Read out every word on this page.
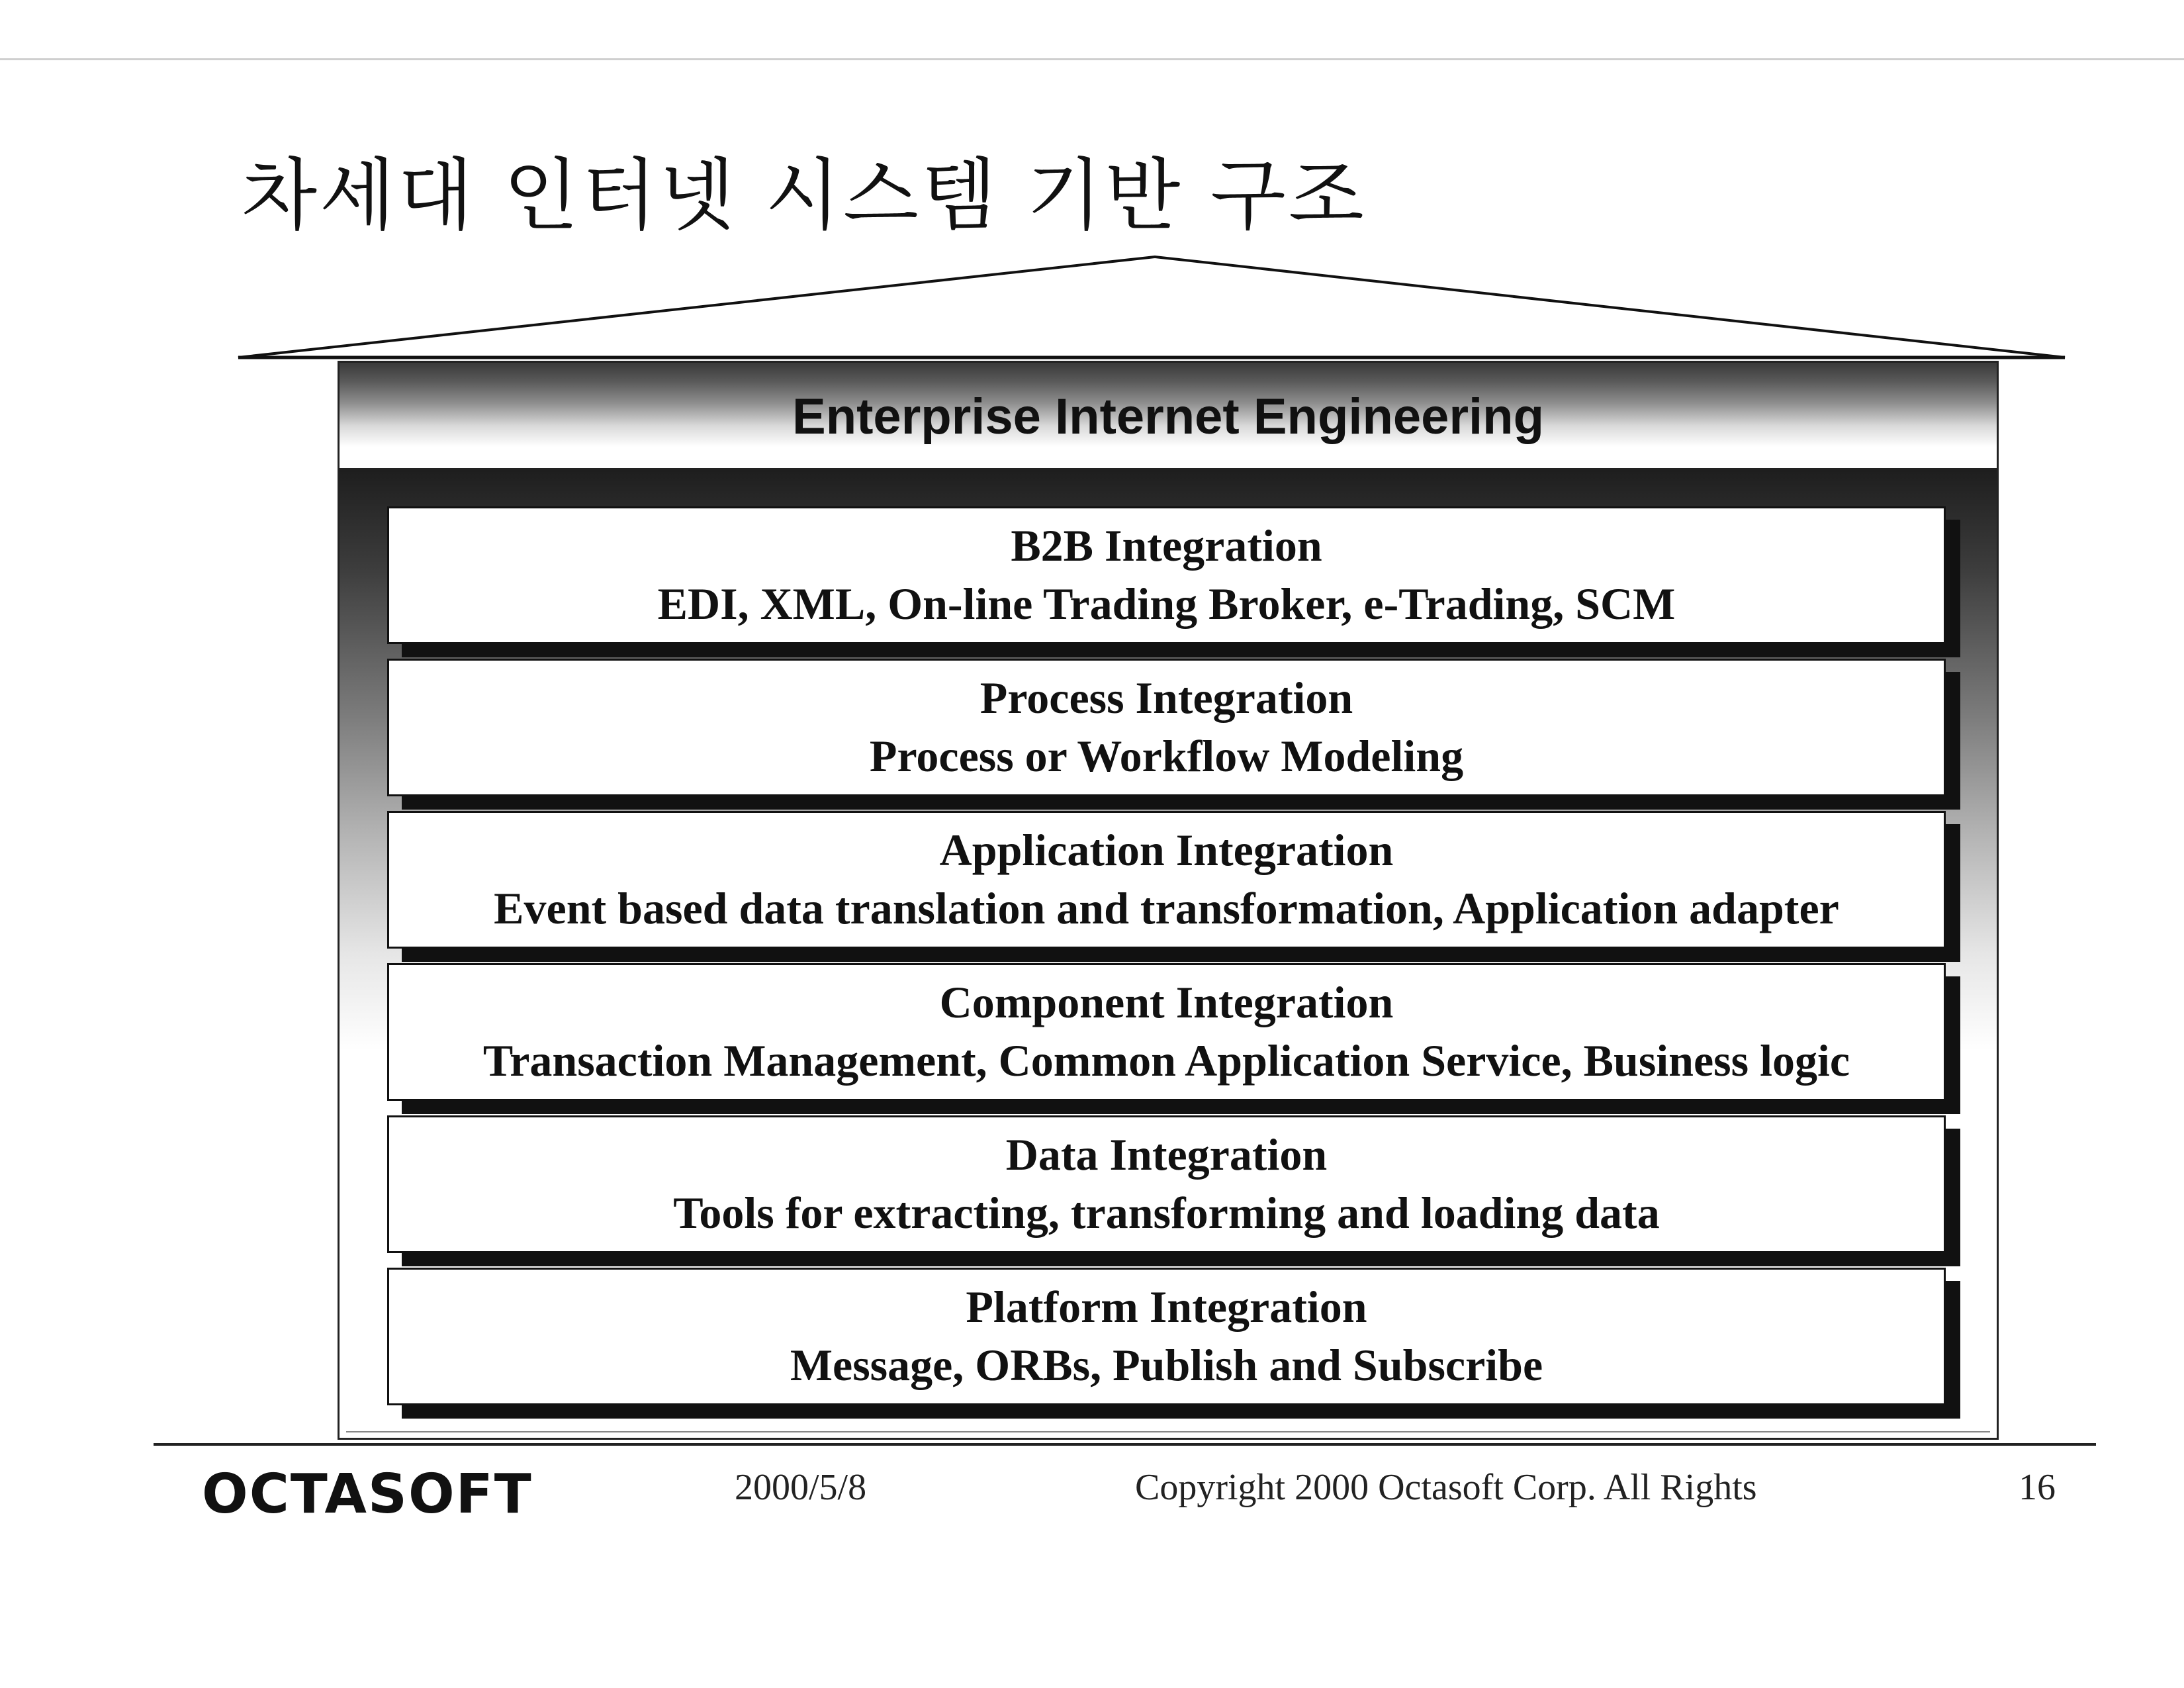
차세대 인터넷 시스템 기반 구조
Enterprise Internet Engineering
B2B Integration
EDI, XML, On-line Trading Broker, e-Trading, SCM
Process Integration
Process or Workflow Modeling
Application Integration
Event based data translation and transformation, Application adapter
Component Integration
Transaction Management, Common Application Service, Business logic
Data Integration
Tools for extracting, transforming and loading data
Platform Integration
Message, ORBs, Publish and Subscribe
OCTASOFT	2000/5/8	Copyright 2000 Octasoft Corp. All Rights	16
